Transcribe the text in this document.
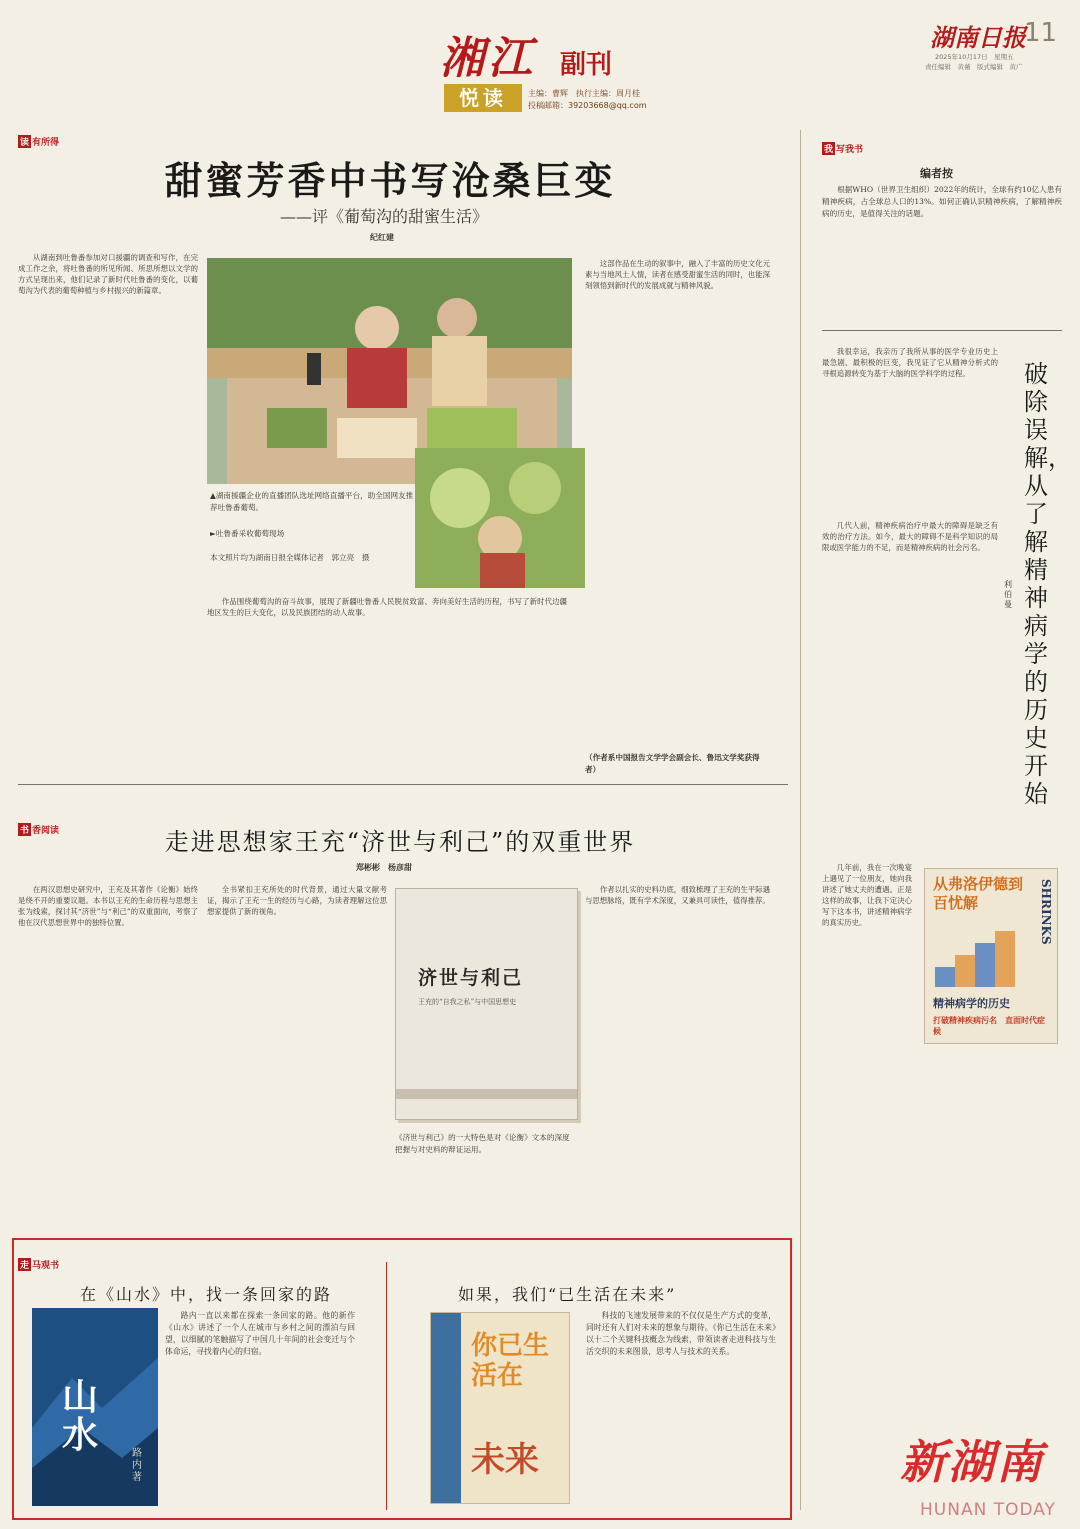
湘江 副刊
悦读	主编：曹辉　执行主编：周月桂
投稿邮箱：39203668@qq.com
湖南日报
11
2025年10月17日　星期五
责任编辑　黄薇　版式编辑　黄广
读 有所得
甜蜜芳香中书写沧桑巨变
——评《葡萄沟的甜蜜生活》
纪红建

从湖南到吐鲁番参加对口援疆的调查和写作，在完成工作之余，将吐鲁番的所见所闻、所思所想以文学的方式呈现出来，他们记录了新时代吐鲁番的变化，以葡萄沟为代表的葡萄种植与乡村振兴的新篇章。

▲湖南援疆企业的直播团队选址网络直播平台，助全国网友推荐吐鲁番葡萄。
►吐鲁番采收葡萄现场
本文照片均为湖南日报全媒体记者　郭立亮　摄

作品围绕葡萄沟的奋斗故事，展现了新疆吐鲁番人民脱贫致富、奔向美好生活的历程，书写了新时代边疆地区发生的巨大变化，以及民族团结的动人故事。

这部作品在生动的叙事中，融入了丰富的历史文化元素与当地风土人情，读者在感受甜蜜生活的同时，也能深刻领悟到新时代的发展成就与精神风貌。

（作者系中国报告文学学会副会长、鲁迅文学奖获得者）
书 香阅读	走进思想家王充“济世与利己”的双重世界
郑彬彬　杨彦甜

在两汉思想史研究中，王充及其著作《论衡》始终是绕不开的重要议题。本书以王充的生命历程与思想主张为线索，探讨其“济世”与“利己”的双重面向，考察了他在汉代思想世界中的独特位置。

全书紧扣王充所处的时代背景，通过大量文献考证，揭示了王充一生的经历与心路，为读者理解这位思想家提供了新的视角。

济世与利己
王充的“自我之私”与中国思想史
《济世与利己》的一大特色是对《论衡》文本的深度把握与对史料的辩证运用。

作者以扎实的史料功底，细致梳理了王充的生平际遇与思想脉络，既有学术深度，又兼具可读性，值得推荐。

走 马观书
在《山水》中，找一条回家的路	如果，我们“已生活在未来”
山水	路内著

路内一直以来都在探索一条回家的路。他的新作《山水》讲述了一个人在城市与乡村之间的漂泊与回望，以细腻的笔触描写了中国几十年间的社会变迁与个体命运，寻找着内心的归宿。	你已生活在
未来

科技的飞速发展带来的不仅仅是生产方式的变革，同时还有人们对未来的想象与期待。《你已生活在未来》以十二个关键科技概念为线索，带领读者走进科技与生活交织的未来图景，思考人与技术的关系。

我 写我书
编者按

根据WHO（世界卫生组织）2022年的统计，全球有约10亿人患有精神疾病，占全球总人口的13%。如何正确认识精神疾病，了解精神疾病的历史，是值得关注的话题。

破除误解，从了解精神病学的历史开始
利伯曼

我很幸运，我亲历了我所从事的医学专业历史上最急剧、最积极的巨变，我见证了它从精神分析式的寻根追源转变为基于大脑的医学科学的过程。

几代人前，精神疾病治疗中最大的障碍是缺乏有效的治疗方法。如今，最大的障碍不是科学知识的局限或医学能力的不足，而是精神疾病的社会污名。

几年前，我在一次晚宴上遇见了一位朋友，她向我讲述了她丈夫的遭遇。正是这样的故事，让我下定决心写下这本书，讲述精神病学的真实历史。

从弗洛伊德到百忧解	SHRINKS
精神病学的历史
打破精神疾病污名　直面时代症候
新湖南
HUNAN TODAY
